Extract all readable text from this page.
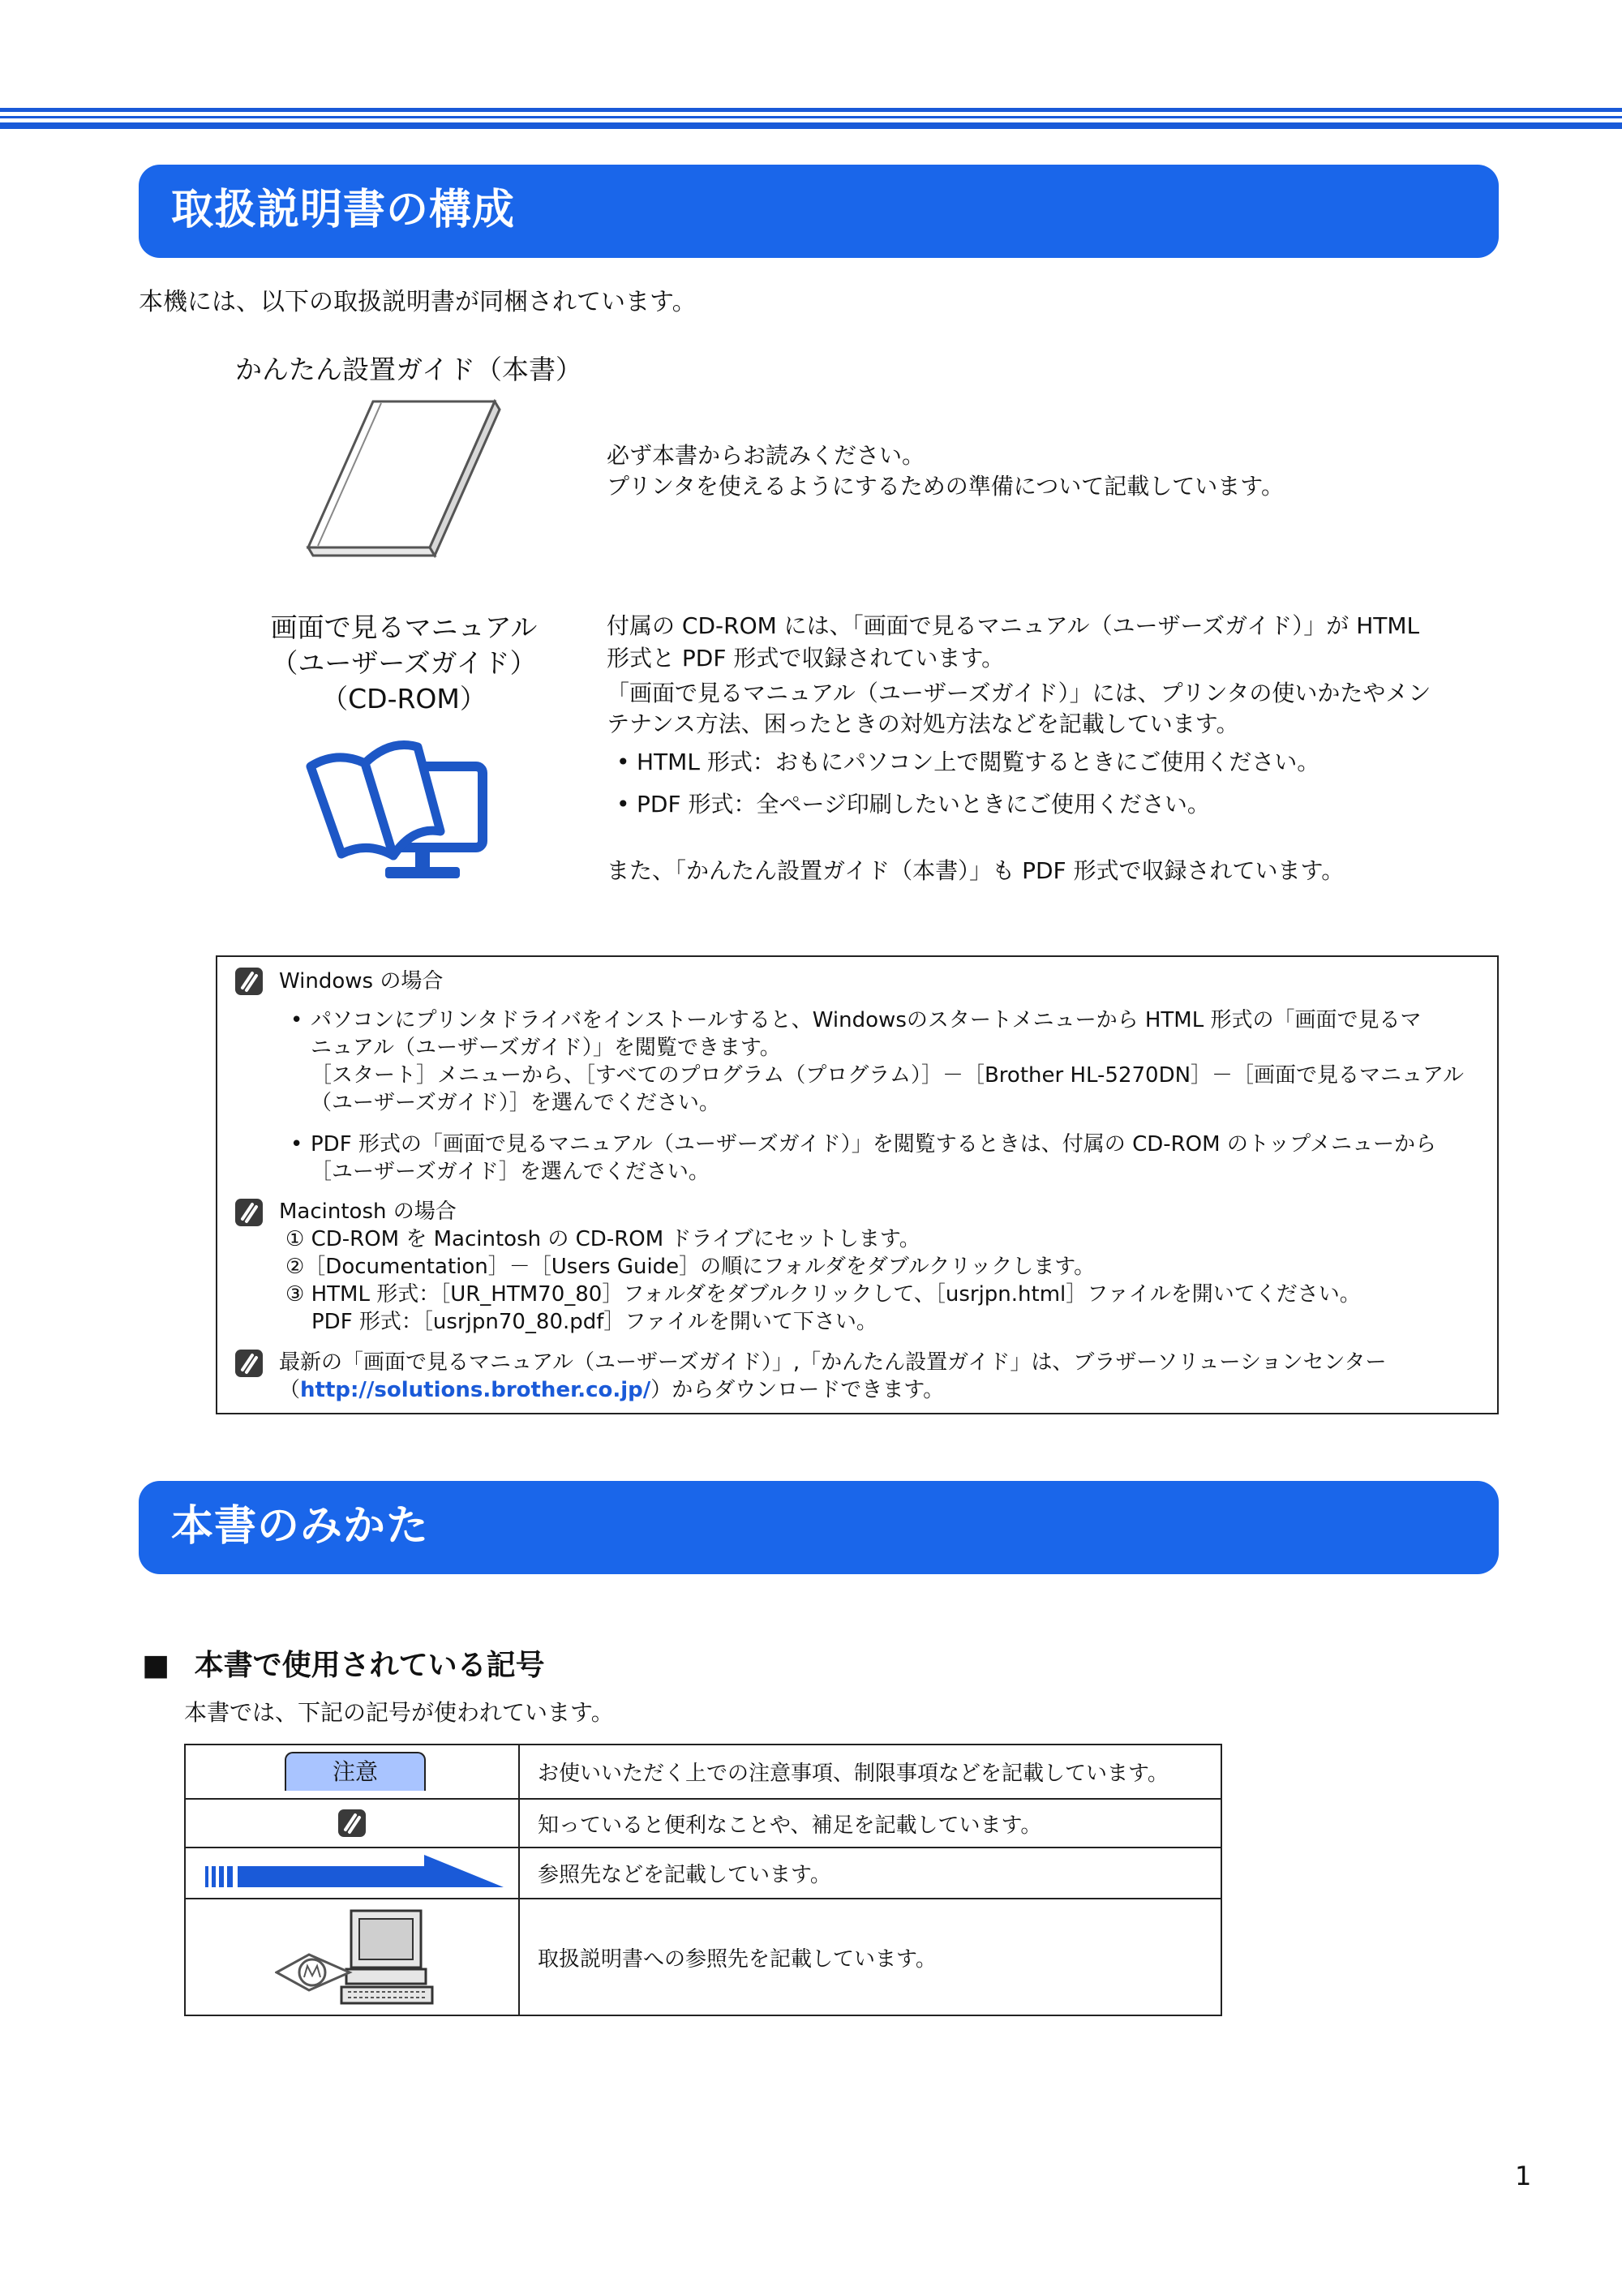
取扱説明書の構成
本機には、以下の取扱説明書が同梱されています。
かんたん設置ガイド（本書）
必ず本書からお読みください。
プリンタを使えるようにするための準備について記載しています。
画面で見るマニュアル
（ユーザーズガイド）
（CD-ROM）
付属の CD-ROM には、「画面で見るマニュアル（ユーザーズガイド）」が HTML
形式と PDF 形式で収録されています。
「画面で見るマニュアル（ユーザーズガイド）」には、プリンタの使いかたやメン
テナンス方法、困ったときの対処方法などを記載しています。
• HTML 形式：おもにパソコン上で閲覧するときにご使用ください。
• PDF 形式：全ページ印刷したいときにご使用ください。
また、「かんたん設置ガイド（本書）」も PDF 形式で収録されています。
Windows の場合
• パソコンにプリンタドライバをインストールすると、Windowsのスタートメニューから HTML 形式の「画面で見るマ
ニュアル（ユーザーズガイド）」を閲覧できます。
［スタート］メニューから、［すべてのプログラム（プログラム）］－［Brother HL-5270DN］－［画面で見るマニュアル
（ユーザーズガイド）］を選んでください。
• PDF 形式の「画面で見るマニュアル（ユーザーズガイド）」を閲覧するときは、付属の CD-ROM のトップメニューから
［ユーザーズガイド］を選んでください。
Macintosh の場合
① CD-ROM を Macintosh の CD-ROM ドライブにセットします。
②［Documentation］－［Users Guide］の順にフォルダをダブルクリックします。
③ HTML 形式：［UR_HTM70_80］フォルダをダブルクリックして、［usrjpn.html］ファイルを開いてください。
PDF 形式：［usrjpn70_80.pdf］ファイルを開いて下さい。
最新の「画面で見るマニュアル（ユーザーズガイド）」,「かんたん設置ガイド」は、ブラザーソリューションセンター
（http://solutions.brother.co.jp/）からダウンロードできます。
本書のみかた
■ 本書で使用されている記号
本書では、下記の記号が使われています。
注意	お使いいただく上での注意事項、制限事項などを記載しています。

	知っていると便利なことや、補足を記載しています。

	参照先などを記載しています。

	取扱説明書への参照先を記載しています。
1
